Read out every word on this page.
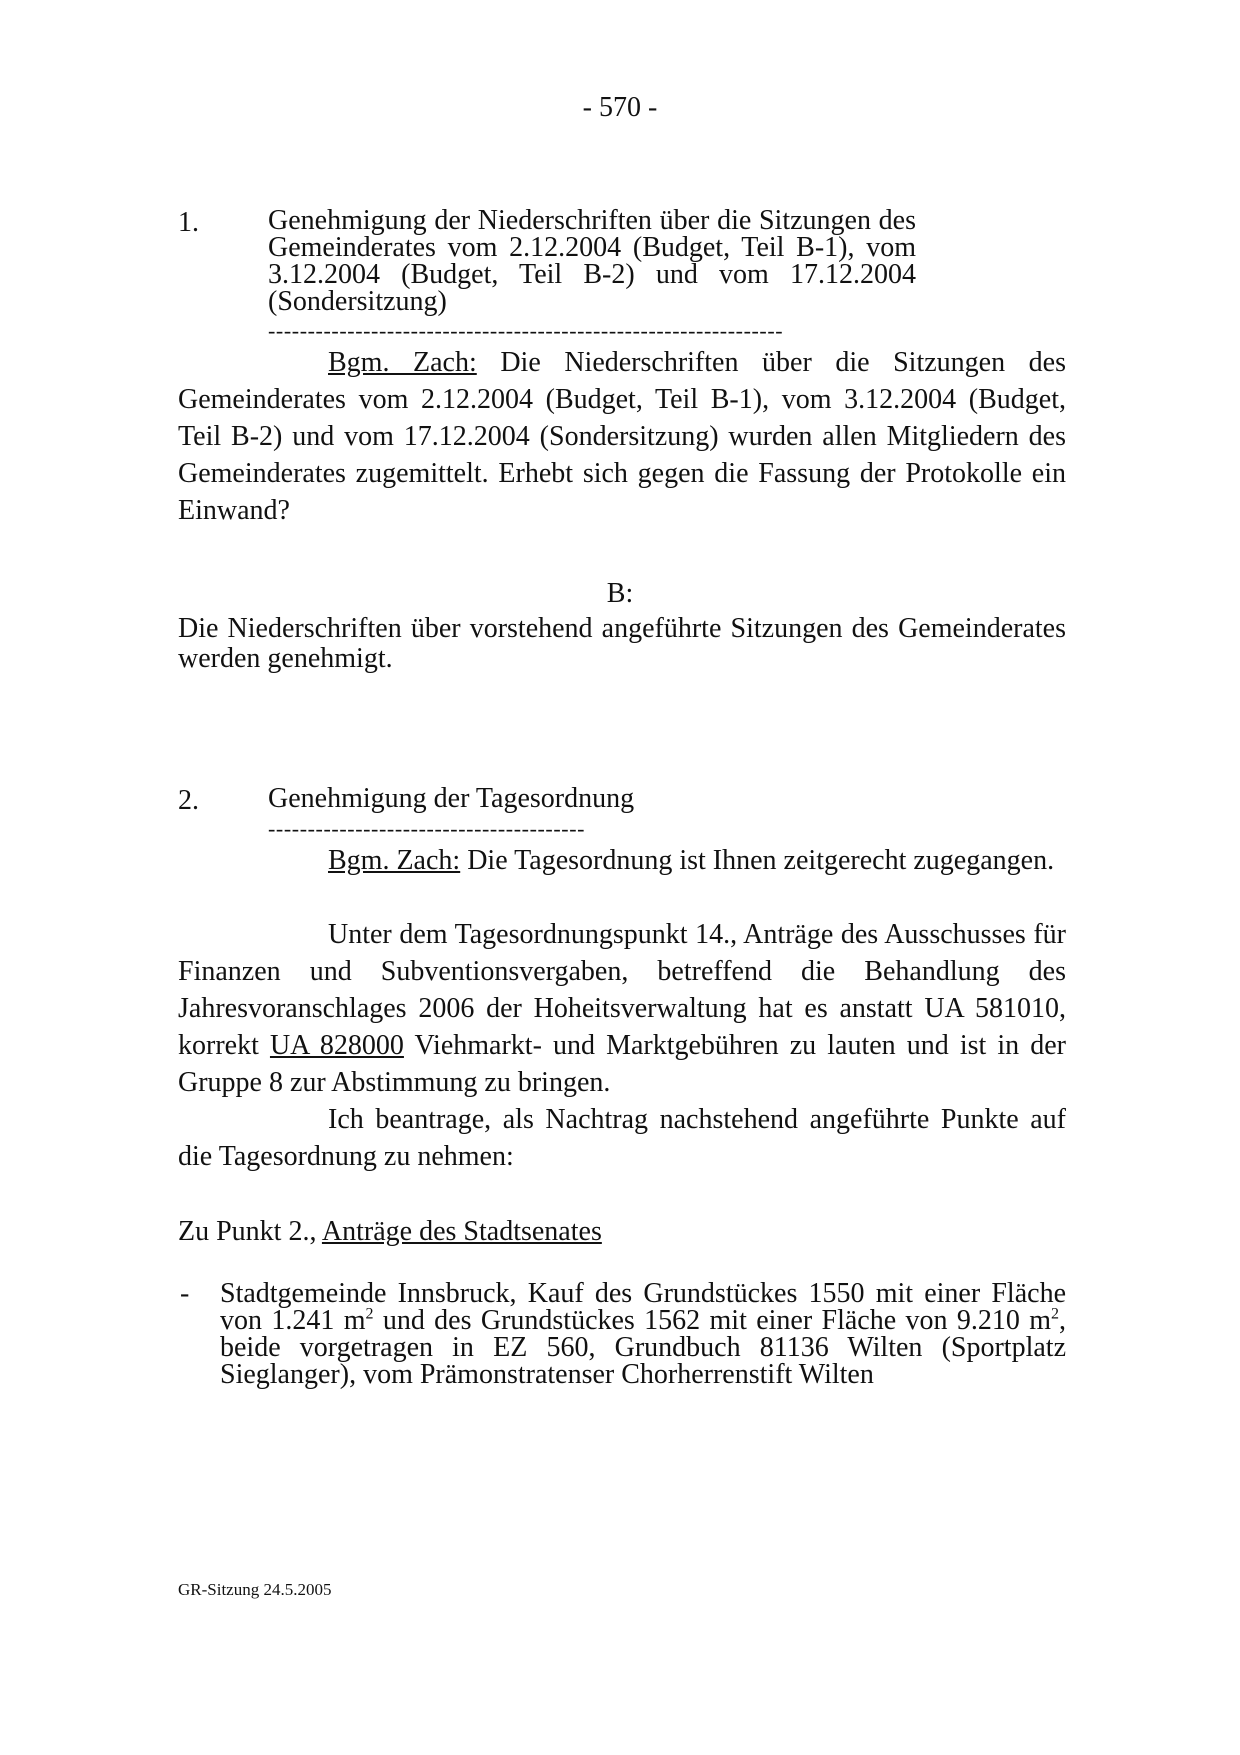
- 570 -
1. Genehmigung der Niederschriften über die Sitzungen des Gemeinderates vom 2.12.2004 (Budget, Teil B-1), vom 3.12.2004 (Budget, Teil B-2) und vom 17.12.2004 (Sondersitzung)
-----------------------------------------------------------------
Bgm. Zach: Die Niederschriften über die Sitzungen des Gemeinderates vom 2.12.2004 (Budget, Teil B-1), vom 3.12.2004 (Budget, Teil B-2) und vom 17.12.2004 (Sondersitzung) wurden allen Mitgliedern des Gemeinderates zugemittelt. Erhebt sich gegen die Fassung der Protokolle ein Einwand?
B:
Die Niederschriften über vorstehend angeführte Sitzungen des Gemeinderates werden genehmigt.
2. Genehmigung der Tagesordnung
----------------------------------------
Bgm. Zach: Die Tagesordnung ist Ihnen zeitgerecht zugegangen.
Unter dem Tagesordnungspunkt 14., Anträge des Ausschusses für Finanzen und Subventionsvergaben, betreffend die Behandlung des Jahresvoranschlages 2006 der Hoheitsverwaltung hat es anstatt UA 581010, korrekt UA 828000 Viehmarkt- und Marktgebühren zu lauten und ist in der Gruppe 8 zur Abstimmung zu bringen.
Ich beantrage, als Nachtrag nachstehend angeführte Punkte auf die Tagesordnung zu nehmen:
Zu Punkt 2., Anträge des Stadtsenates
- Stadtgemeinde Innsbruck, Kauf des Grundstückes 1550 mit einer Fläche von 1.241 $m^2$ und des Grundstückes 1562 mit einer Fläche von 9.210 $m^2$, beide vorgetragen in EZ 560, Grundbuch 81136 Wilten (Sportplatz Sieglanger), vom Prämonstratenser Chorherrenstift Wilten
GR-Sitzung 24.5.2005
